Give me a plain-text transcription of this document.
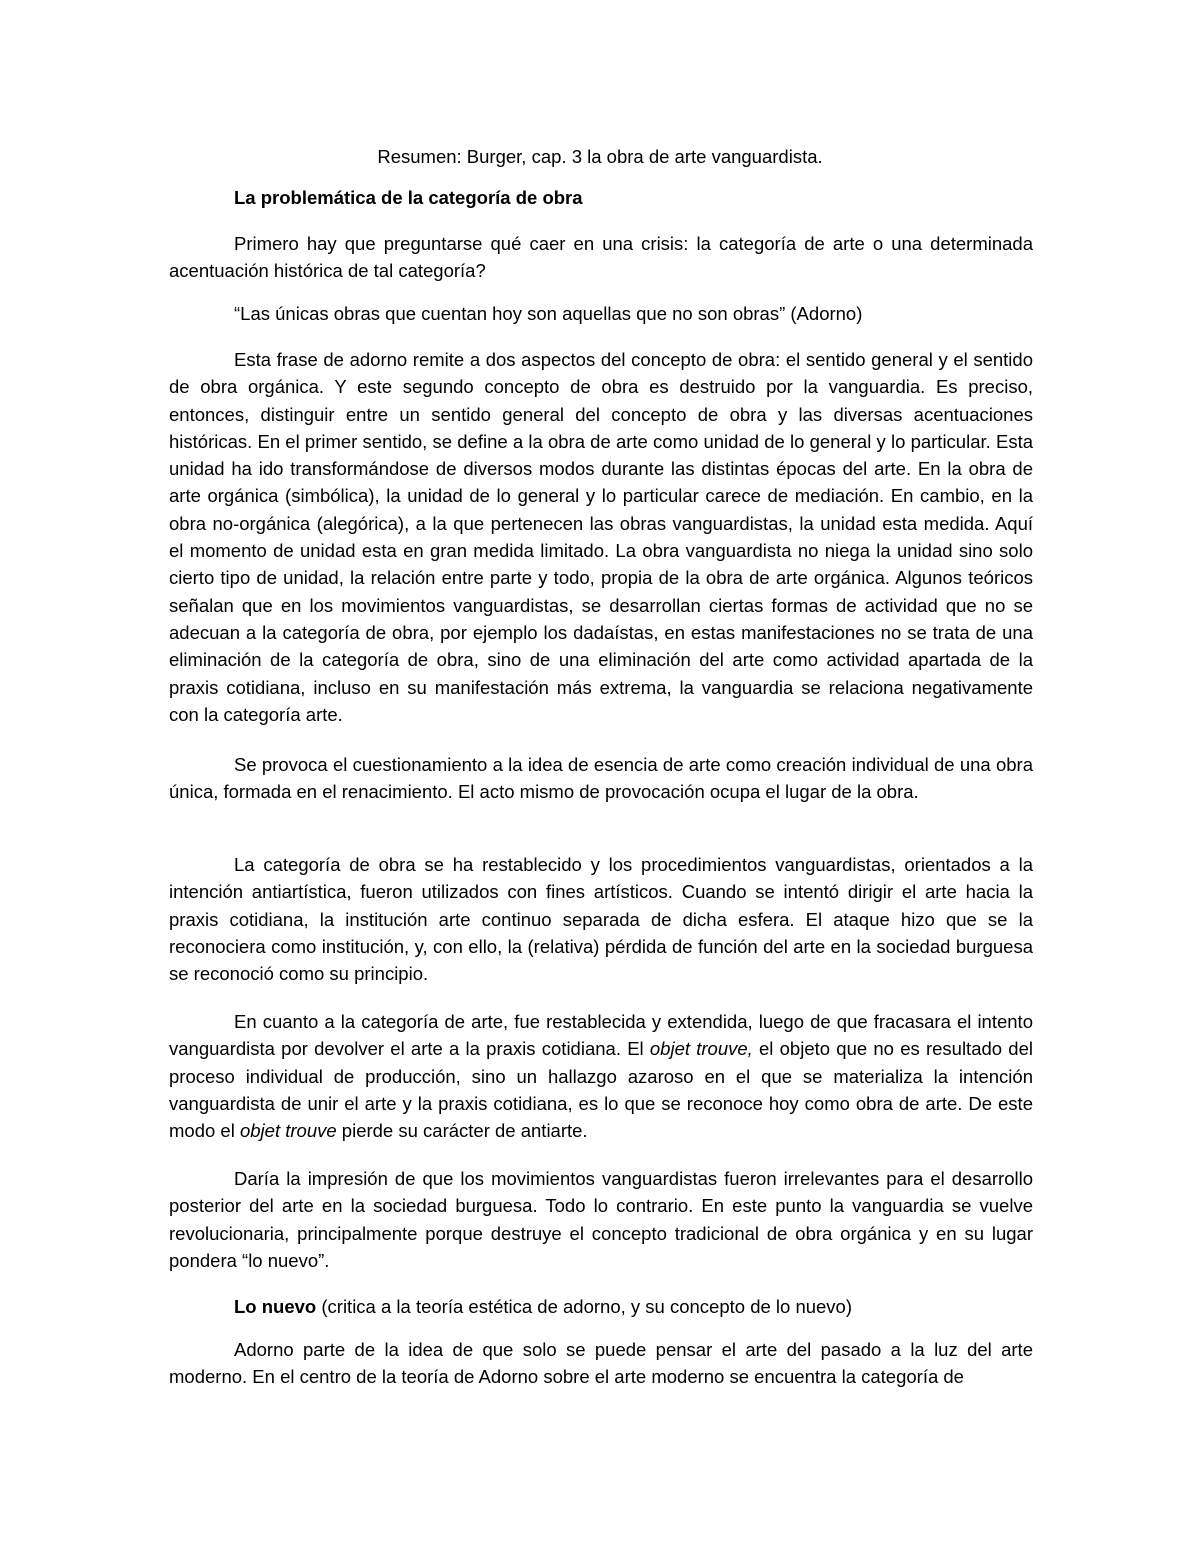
Resumen: Burger, cap. 3 la obra de arte vanguardista.

La problemática de la categoría de obra

Primero hay que preguntarse qué caer en una crisis: la categoría de arte o una determinada acentuación histórica de tal categoría?

“Las únicas obras que cuentan hoy son aquellas que no son obras” (Adorno)

Esta frase de adorno remite a dos aspectos del concepto de obra: el sentido general y el sentido de obra orgánica. Y este segundo concepto de obra es destruido por la vanguardia. Es preciso, entonces, distinguir entre un sentido general del concepto de obra y las diversas acentuaciones históricas. En el primer sentido, se define a la obra de arte como unidad de lo general y lo particular. Esta unidad ha ido transformándose de diversos modos durante las distintas épocas del arte. En la obra de arte orgánica (simbólica), la unidad de lo general y lo particular carece de mediación. En cambio, en la obra no-orgánica (alegórica), a la que pertenecen las obras vanguardistas, la unidad esta medida. Aquí el momento de unidad esta en gran medida limitado. La obra vanguardista no niega la unidad sino solo cierto tipo de unidad, la relación entre parte y todo, propia de la obra de arte orgánica. Algunos teóricos señalan que en los movimientos vanguardistas, se desarrollan ciertas formas de actividad que no se adecuan a la categoría de obra, por ejemplo los dadaístas, en estas manifestaciones no se trata de una eliminación de la categoría de obra, sino de una eliminación del arte como actividad apartada de la praxis cotidiana, incluso en su manifestación más extrema, la vanguardia se relaciona negativamente con la categoría arte.

Se provoca el cuestionamiento a la idea de esencia de arte como creación individual de una obra única, formada en el renacimiento. El acto mismo de provocación ocupa el lugar de la obra.

La categoría de obra se ha restablecido y los procedimientos vanguardistas, orientados a la intención antiartística, fueron utilizados con fines artísticos. Cuando se intentó dirigir el arte hacia la praxis cotidiana, la institución arte continuo separada de dicha esfera. El ataque hizo que se la reconociera como institución, y, con ello, la (relativa) pérdida de función del arte en la sociedad burguesa se reconoció como su principio.

En cuanto a la categoría de arte, fue restablecida y extendida, luego de que fracasara el intento vanguardista por devolver el arte a la praxis cotidiana. El objet trouve, el objeto que no es resultado del proceso individual de producción, sino un hallazgo azaroso en el que se materializa la intención vanguardista de unir el arte y la praxis cotidiana, es lo que se reconoce hoy como obra de arte. De este modo el objet trouve pierde su carácter de antiarte.

Daría la impresión de que los movimientos vanguardistas fueron irrelevantes para el desarrollo posterior del arte en la sociedad burguesa. Todo lo contrario. En este punto la vanguardia se vuelve revolucionaria, principalmente porque destruye el concepto tradicional de obra orgánica y en su lugar pondera “lo nuevo”.

Lo nuevo (critica a la teoría estética de adorno, y su concepto de lo nuevo)

Adorno parte de la idea de que solo se puede pensar el arte del pasado a la luz del arte moderno. En el centro de la teoría de Adorno sobre el arte moderno se encuentra la categoría de
